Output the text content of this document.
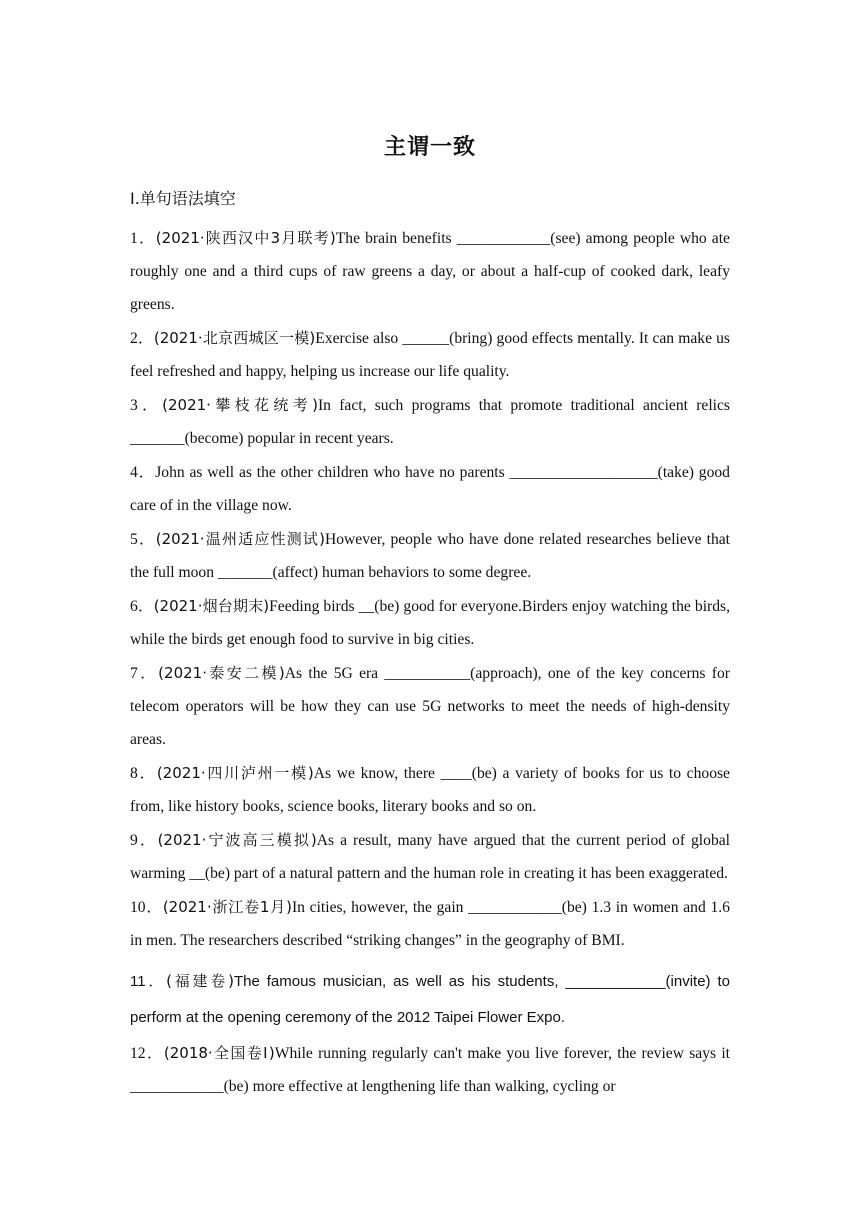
主谓一致
Ⅰ.单句语法填空

1．(2021·陕西汉中3月联考)The brain benefits ____________(see) among people who ate roughly one and a third cups of raw greens a day, or about a half‑cup of cooked dark, leafy greens.

2．(2021·北京西城区一模)Exercise also ______(bring) good effects mentally. It can make us feel refreshed and happy, helping us increase our life quality.

3．(2021·攀枝花统考)In fact, such programs that promote traditional ancient relics _______(become) popular in recent years.

4．John as well as the other children who have no parents ___________________(take) good care of in the village now.

5．(2021·温州适应性测试)However, people who have done related researches believe that the full moon _______(affect) human behaviors to some degree.

6．(2021·烟台期末)Feeding birds __(be) good for everyone.Birders enjoy watching the birds, while the birds get enough food to survive in big cities.

7．(2021·泰安二模)As the 5G era ___________(approach), one of the key concerns for telecom operators will be how they can use 5G networks to meet the needs of high‑density areas.

8．(2021·四川泸州一模)As we know, there ____(be) a variety of books for us to choose from, like history books, science books, literary books and so on.

9．(2021·宁波高三模拟)As a result, many have argued that the current period of global warming __(be) part of a natural pattern and the human role in creating it has been exaggerated.

10．(2021·浙江卷1月)In cities, however, the gain ____________(be) 1.3 in women and 1.6 in men. The researchers described “striking changes” in the geography of BMI.

11．(福建卷)The famous musician, as well as his students, ____________(invite) to perform at the opening ceremony of the 2012 Taipei Flower Expo.

12．(2018·全国卷Ⅰ)While running regularly can't make you live forever, the review says it ____________(be) more effective at lengthening life than walking, cycling or
